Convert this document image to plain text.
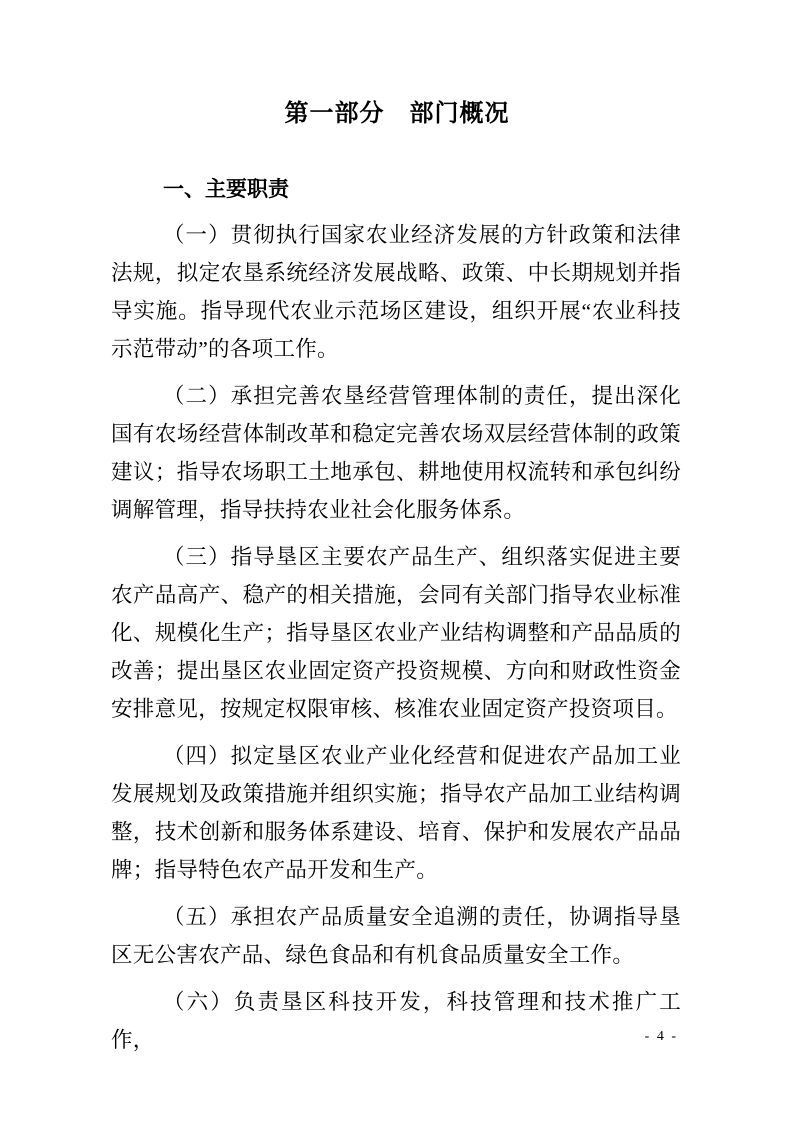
第一部分　部门概况
一、主要职责

（一）贯彻执行国家农业经济发展的方针政策和法律法规，拟定农垦系统经济发展战略、政策、中长期规划并指导实施。指导现代农业示范场区建设，组织开展“农业科技示范带动”的各项工作。

（二）承担完善农垦经营管理体制的责任，提出深化国有农场经营体制改革和稳定完善农场双层经营体制的政策建议；指导农场职工土地承包、耕地使用权流转和承包纠纷调解管理，指导扶持农业社会化服务体系。

（三）指导垦区主要农产品生产、组织落实促进主要农产品高产、稳产的相关措施，会同有关部门指导农业标准化、规模化生产；指导垦区农业产业结构调整和产品品质的改善；提出垦区农业固定资产投资规模、方向和财政性资金安排意见，按规定权限审核、核准农业固定资产投资项目。

（四）拟定垦区农业产业化经营和促进农产品加工业发展规划及政策措施并组织实施；指导农产品加工业结构调整，技术创新和服务体系建设、培育、保护和发展农产品品牌；指导特色农产品开发和生产。

（五）承担农产品质量安全追溯的责任，协调指导垦区无公害农产品、绿色食品和有机食品质量安全工作。

（六）负责垦区科技开发，科技管理和技术推广工作，	- 4 -
